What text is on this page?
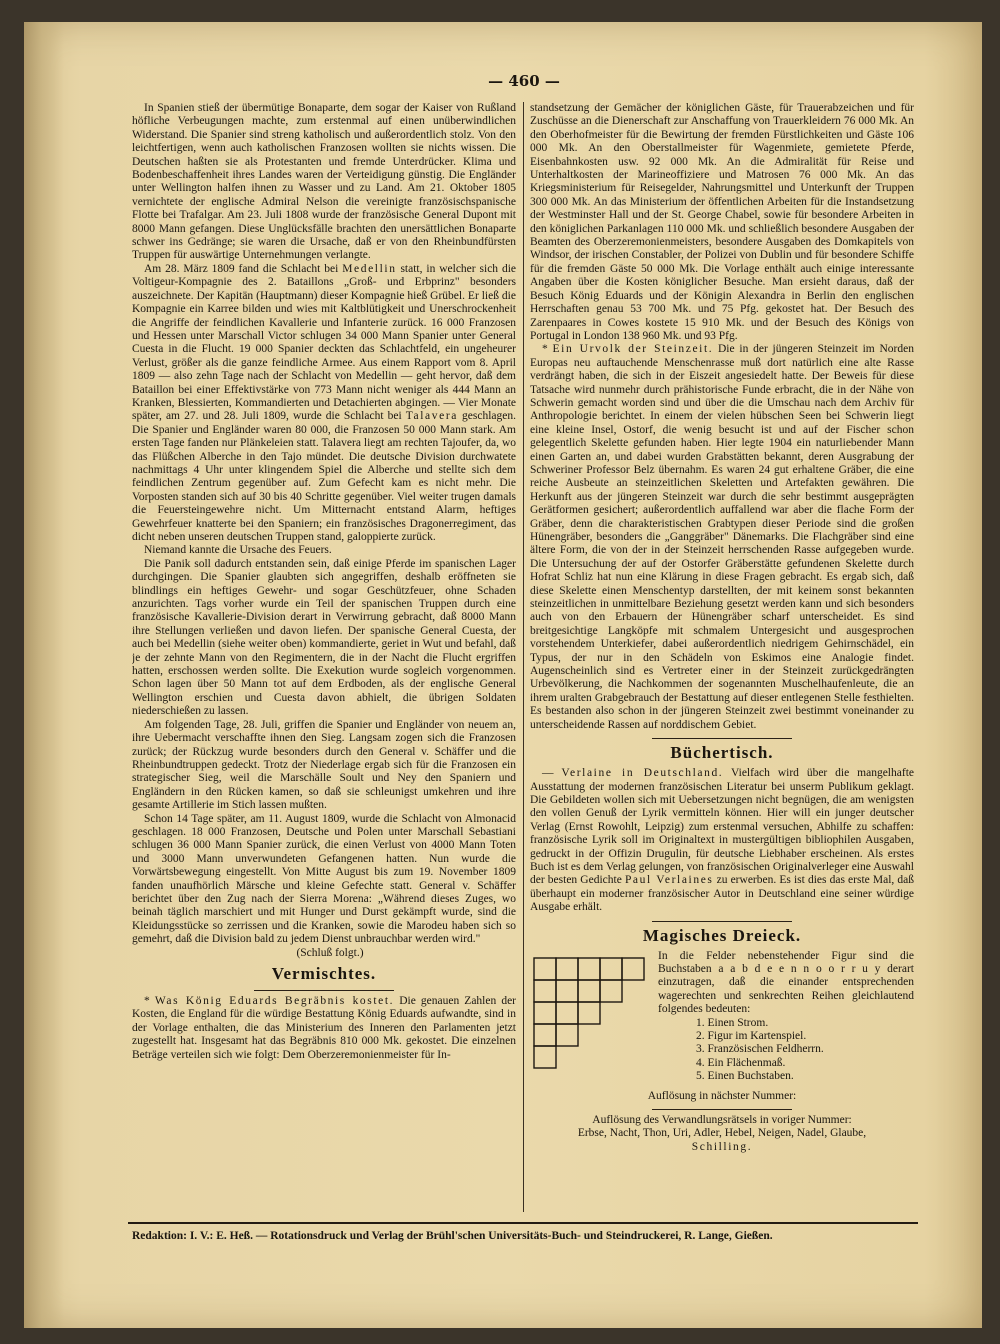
— 460 —

In Spanien stieß der übermütige Bonaparte, dem sogar der Kaiser von Rußland höfliche Verbeugungen machte, zum erstenmal auf einen unüberwindlichen Widerstand. Die Spanier sind streng katholisch und außerordentlich stolz. Von den leichtfertigen, wenn auch katholischen Franzosen wollten sie nichts wissen. Die Deutschen haßten sie als Protestanten und fremde Unterdrücker. Klima und Bodenbeschaffenheit ihres Landes waren der Verteidigung günstig. Die Engländer unter Wellington halfen ihnen zu Wasser und zu Land. Am 21. Oktober 1805 vernichtete der englische Admiral Nelson die vereinigte französischspanische Flotte bei Trafalgar. Am 23. Juli 1808 wurde der französische General Dupont mit 8000 Mann gefangen. Diese Unglücksfälle brachten den unersättlichen Bonaparte schwer ins Gedränge; sie waren die Ursache, daß er von den Rheinbundfürsten Truppen für auswärtige Unternehmungen verlangte.

Am 28. März 1809 fand die Schlacht bei Medellin statt, in welcher sich die Voltigeur-Kompagnie des 2. Bataillons „Groß- und Erbprinz" besonders auszeichnete. Der Kapitän (Hauptmann) dieser Kompagnie hieß Grübel. Er ließ die Kompagnie ein Karree bilden und wies mit Kaltblütigkeit und Unerschrockenheit die Angriffe der feindlichen Kavallerie und Infanterie zurück. 16 000 Franzosen und Hessen unter Marschall Victor schlugen 34 000 Mann Spanier unter General Cuesta in die Flucht. 19 000 Spanier deckten das Schlachtfeld, ein ungeheurer Verlust, größer als die ganze feindliche Armee. Aus einem Rapport vom 8. April 1809 — also zehn Tage nach der Schlacht von Medellin — geht hervor, daß dem Bataillon bei einer Effektivstärke von 773 Mann nicht weniger als 444 Mann an Kranken, Blessierten, Kommandierten und Detachierten abgingen. — Vier Monate später, am 27. und 28. Juli 1809, wurde die Schlacht bei Talavera geschlagen. Die Spanier und Engländer waren 80 000, die Franzosen 50 000 Mann stark. Am ersten Tage fanden nur Plänkeleien statt. Talavera liegt am rechten Tajoufer, da, wo das Flüßchen Alberche in den Tajo mündet. Die deutsche Division durchwatete nachmittags 4 Uhr unter klingendem Spiel die Alberche und stellte sich dem feindlichen Zentrum gegenüber auf. Zum Gefecht kam es nicht mehr. Die Vorposten standen sich auf 30 bis 40 Schritte gegenüber. Viel weiter trugen damals die Feuersteingewehre nicht. Um Mitternacht entstand Alarm, heftiges Gewehrfeuer knatterte bei den Spaniern; ein französisches Dragonerregiment, das dicht neben unseren deutschen Truppen stand, galoppierte zurück.

Niemand kannte die Ursache des Feuers.

Die Panik soll dadurch entstanden sein, daß einige Pferde im spanischen Lager durchgingen. Die Spanier glaubten sich angegriffen, deshalb eröffneten sie blindlings ein heftiges Gewehr- und sogar Geschützfeuer, ohne Schaden anzurichten. Tags vorher wurde ein Teil der spanischen Truppen durch eine französische Kavallerie-Division derart in Verwirrung gebracht, daß 8000 Mann ihre Stellungen verließen und davon liefen. Der spanische General Cuesta, der auch bei Medellin (siehe weiter oben) kommandierte, geriet in Wut und befahl, daß je der zehnte Mann von den Regimentern, die in der Nacht die Flucht ergriffen hatten, erschossen werden sollte. Die Exekution wurde sogleich vorgenommen. Schon lagen über 50 Mann tot auf dem Erdboden, als der englische General Wellington erschien und Cuesta davon abhielt, die übrigen Soldaten niederschießen zu lassen.

Am folgenden Tage, 28. Juli, griffen die Spanier und Engländer von neuem an, ihre Uebermacht verschaffte ihnen den Sieg. Langsam zogen sich die Franzosen zurück; der Rückzug wurde besonders durch den General v. Schäffer und die Rheinbundtruppen gedeckt. Trotz der Niederlage ergab sich für die Franzosen ein strategischer Sieg, weil die Marschälle Soult und Ney den Spaniern und Engländern in den Rücken kamen, so daß sie schleunigst umkehren und ihre gesamte Artillerie im Stich lassen mußten.

Schon 14 Tage später, am 11. August 1809, wurde die Schlacht von Almonacid geschlagen. 18 000 Franzosen, Deutsche und Polen unter Marschall Sebastiani schlugen 36 000 Mann Spanier zurück, die einen Verlust von 4000 Mann Toten und 3000 Mann unverwundeten Gefangenen hatten. Nun wurde die Vorwärtsbewegung eingestellt. Von Mitte August bis zum 19. November 1809 fanden unaufhörlich Märsche und kleine Gefechte statt. General v. Schäffer berichtet über den Zug nach der Sierra Morena: „Während dieses Zuges, wo beinah täglich marschiert und mit Hunger und Durst gekämpft wurde, sind die Kleidungsstücke so zerrissen und die Kranken, sowie die Marodeu haben sich so gemehrt, daß die Division bald zu jedem Dienst unbrauchbar werden wird."

(Schluß folgt.)

Vermischtes.

* Was König Eduards Begräbnis kostet. Die genauen Zahlen der Kosten, die England für die würdige Bestattung König Eduards aufwandte, sind in der Vorlage enthalten, die das Ministerium des Inneren den Parlamenten jetzt zugestellt hat. Insgesamt hat das Begräbnis 810 000 Mk. gekostet. Die einzelnen Beträge verteilen sich wie folgt: Dem Oberzeremonienmeister für In-

standsetzung der Gemächer der königlichen Gäste, für Trauerabzeichen und für Zuschüsse an die Dienerschaft zur Anschaffung von Trauerkleidern 76 000 Mk. An den Oberhofmeister für die Bewirtung der fremden Fürstlichkeiten und Gäste 106 000 Mk. An den Oberstallmeister für Wagenmiete, gemietete Pferde, Eisenbahnkosten usw. 92 000 Mk. An die Admiralität für Reise und Unterhaltkosten der Marineoffiziere und Matrosen 76 000 Mk. An das Kriegsministerium für Reisegelder, Nahrungsmittel und Unterkunft der Truppen 300 000 Mk. An das Ministerium der öffentlichen Arbeiten für die Instandsetzung der Westminster Hall und der St. George Chabel, sowie für besondere Arbeiten in den königlichen Parkanlagen 110 000 Mk. und schließlich besondere Ausgaben der Beamten des Oberzeremonienmeisters, besondere Ausgaben des Domkapitels von Windsor, der irischen Constabler, der Polizei von Dublin und für besondere Schiffe für die fremden Gäste 50 000 Mk. Die Vorlage enthält auch einige interessante Angaben über die Kosten königlicher Besuche. Man ersieht daraus, daß der Besuch König Eduards und der Königin Alexandra in Berlin den englischen Herrschaften genau 53 700 Mk. und 75 Pfg. gekostet hat. Der Besuch des Zarenpaares in Cowes kostete 15 910 Mk. und der Besuch des Königs von Portugal in London 138 960 Mk. und 93 Pfg.

* Ein Urvolk der Steinzeit. Die in der jüngeren Steinzeit im Norden Europas neu auftauchende Menschenrasse muß dort natürlich eine alte Rasse verdrängt haben, die sich in der Eiszeit angesiedelt hatte. Der Beweis für diese Tatsache wird nunmehr durch prähistorische Funde erbracht, die in der Nähe von Schwerin gemacht worden sind und über die die Umschau nach dem Archiv für Anthropologie berichtet. In einem der vielen hübschen Seen bei Schwerin liegt eine kleine Insel, Ostorf, die wenig besucht ist und auf der Fischer schon gelegentlich Skelette gefunden haben. Hier legte 1904 ein naturliebender Mann einen Garten an, und dabei wurden Grabstätten bekannt, deren Ausgrabung der Schweriner Professor Belz übernahm. Es waren 24 gut erhaltene Gräber, die eine reiche Ausbeute an steinzeitlichen Skeletten und Artefakten gewähren. Die Herkunft aus der jüngeren Steinzeit war durch die sehr bestimmt ausgeprägten Gerätformen gesichert; außerordentlich auffallend war aber die flache Form der Gräber, denn die charakteristischen Grabtypen dieser Periode sind die großen Hünengräber, besonders die „Ganggräber" Dänemarks. Die Flachgräber sind eine ältere Form, die von der in der Steinzeit herrschenden Rasse aufgegeben wurde. Die Untersuchung der auf der Ostorfer Gräberstätte gefundenen Skelette durch Hofrat Schliz hat nun eine Klärung in diese Fragen gebracht. Es ergab sich, daß diese Skelette einen Menschentyp darstellten, der mit keinem sonst bekannten steinzeitlichen in unmittelbare Beziehung gesetzt werden kann und sich besonders auch von den Erbauern der Hünengräber scharf unterscheidet. Es sind breitgesichtige Langköpfe mit schmalem Untergesicht und ausgesprochen vorstehendem Unterkiefer, dabei außerordentlich niedrigem Gehirnschädel, ein Typus, der nur in den Schädeln von Eskimos eine Analogie findet. Augenscheinlich sind es Vertreter einer in der Steinzeit zurückgedrängten Urbevölkerung, die Nachkommen der sogenannten Muschelhaufenleute, die an ihrem uralten Grabgebrauch der Bestattung auf dieser entlegenen Stelle festhielten. Es bestanden also schon in der jüngeren Steinzeit zwei bestimmt voneinander zu unterscheidende Rassen auf norddischem Gebiet.

Büchertisch.

— Verlaine in Deutschland. Vielfach wird über die mangelhafte Ausstattung der modernen französischen Literatur bei unserm Publikum geklagt. Die Gebildeten wollen sich mit Uebersetzungen nicht begnügen, die am wenigsten den vollen Genuß der Lyrik vermitteln können. Hier will ein junger deutscher Verlag (Ernst Rowohlt, Leipzig) zum erstenmal versuchen, Abhilfe zu schaffen: französische Lyrik soll im Originaltext in mustergültigen bibliophilen Ausgaben, gedruckt in der Offizin Drugulin, für deutsche Liebhaber erscheinen. Als erstes Buch ist es dem Verlag gelungen, von französischen Originalverleger eine Auswahl der besten Gedichte Paul Verlaines zu erwerben. Es ist dies das erste Mal, daß überhaupt ein moderner französischer Autor in Deutschland eine seiner würdige Ausgabe erhält.

Magisches Dreieck.

In die Felder nebenstehender Figur sind die Buchstaben a a b d e e n n o o r r u y derart einzutragen, daß die einander entsprechenden wagerechten und senkrechten Reihen gleichlautend folgendes bedeuten:

1. Einen Strom.
2. Figur im Kartenspiel.
3. Französischen Feldherrn.
4. Ein Flächenmaß.
5. Einen Buchstaben.

Auflösung in nächster Nummer:

Auflösung des Verwandlungsrätsels in voriger Nummer:

Erbse, Nacht, Thon, Uri, Adler, Hebel, Neigen, Nadel, Glaube,

Schilling.

Redaktion: I. V.: E. Heß. — Rotationsdruck und Verlag der Brühl'schen Universitäts-Buch- und Steindruckerei, R. Lange, Gießen.
